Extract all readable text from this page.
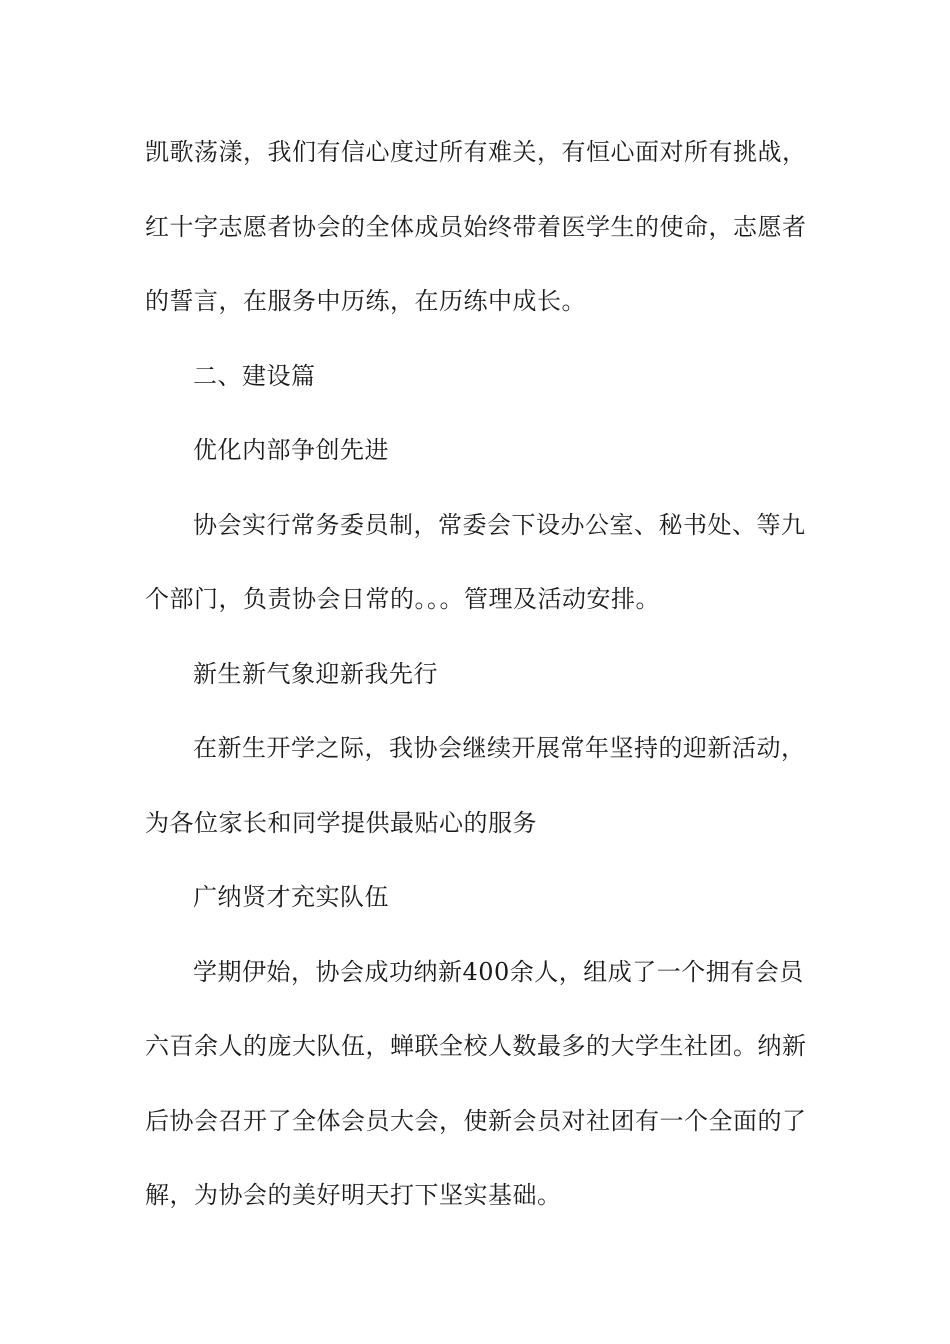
凯歌荡漾，我们有信心度过所有难关，有恒心面对所有挑战，
红十字志愿者协会的全体成员始终带着医学生的使命，志愿者
的誓言，在服务中历练，在历练中成长。
二、建设篇
优化内部争创先进
协会实行常务委员制，常委会下设办公室、秘书处、等九
个部门，负责协会日常的。。。管理及活动安排。
新生新气象迎新我先行
在新生开学之际，我协会继续开展常年坚持的迎新活动，
为各位家长和同学提供最贴心的服务
广纳贤才充实队伍
学期伊始，协会成功纳新400余人，组成了一个拥有会员
六百余人的庞大队伍，蝉联全校人数最多的大学生社团。纳新
后协会召开了全体会员大会，使新会员对社团有一个全面的了
解，为协会的美好明天打下坚实基础。
